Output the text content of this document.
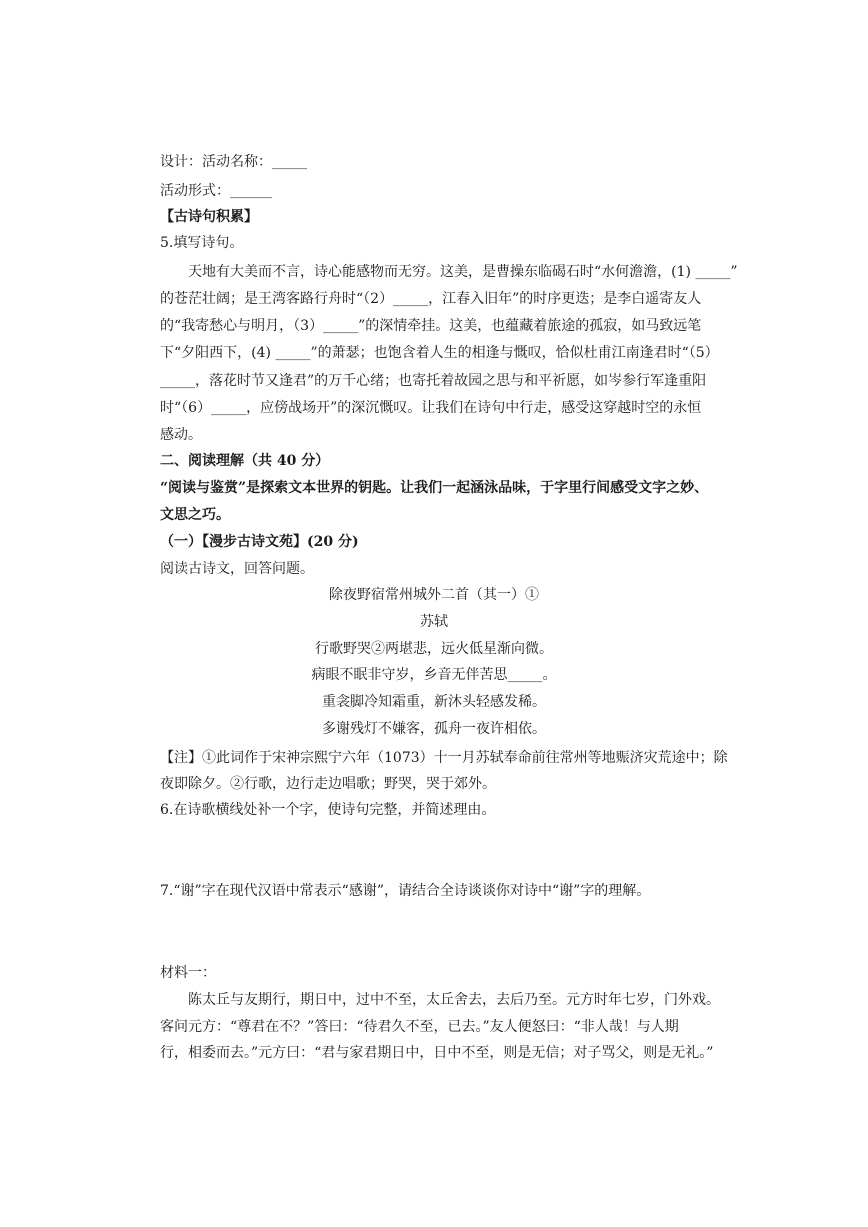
设计：活动名称：_____
活动形式：______
【古诗句积累】
5.填写诗句。
天地有大美而不言，诗心能感物而无穷。这美，是曹操东临碣石时“水何澹澹，(1) _____”
的苍茫壮阔；是王湾客路行舟时“（2）_____，江春入旧年”的时序更迭；是李白遥寄友人
的“我寄愁心与明月，（3）_____”的深情牵挂。这美，也蕴藏着旅途的孤寂，如马致远笔
下“夕阳西下，(4) _____”的萧瑟；也饱含着人生的相逢与慨叹，恰似杜甫江南逢君时“（5）
_____，落花时节又逢君”的万千心绪；也寄托着故园之思与和平祈愿，如岑参行军逢重阳
时“（6）_____，应傍战场开”的深沉慨叹。让我们在诗句中行走，感受这穿越时空的永恒
感动。
二、阅读理解（共 40 分）
“阅读与鉴赏”是探索文本世界的钥匙。让我们一起涵泳品味，于字里行间感受文字之妙、
文思之巧。
（一）【漫步古诗文苑】(20 分)
阅读古诗文，回答问题。
除夜野宿常州城外二首（其一）①
苏轼
行歌野哭②两堪悲，远火低星渐向微。
病眼不眠非守岁，乡音无伴苦思_____。
重衾脚冷知霜重，新沐头轻感发稀。
多谢残灯不嫌客，孤舟一夜许相依。
【注】①此词作于宋神宗熙宁六年（1073）十一月苏轼奉命前往常州等地赈济灾荒途中；除
夜即除夕。②行歌，边行走边唱歌；野哭，哭于郊外。
6.在诗歌横线处补一个字，使诗句完整，并简述理由。
7.“谢”字在现代汉语中常表示“感谢”，请结合全诗谈谈你对诗中“谢”字的理解。
材料一：
陈太丘与友期行，期日中，过中不至，太丘舍去，去后乃至。元方时年七岁，门外戏。
客问元方：“尊君在不？”答曰：“待君久不至，已去。”友人便怒曰：“非人哉！与人期
行，相委而去。”元方曰：“君与家君期日中，日中不至，则是无信；对子骂父，则是无礼。”
